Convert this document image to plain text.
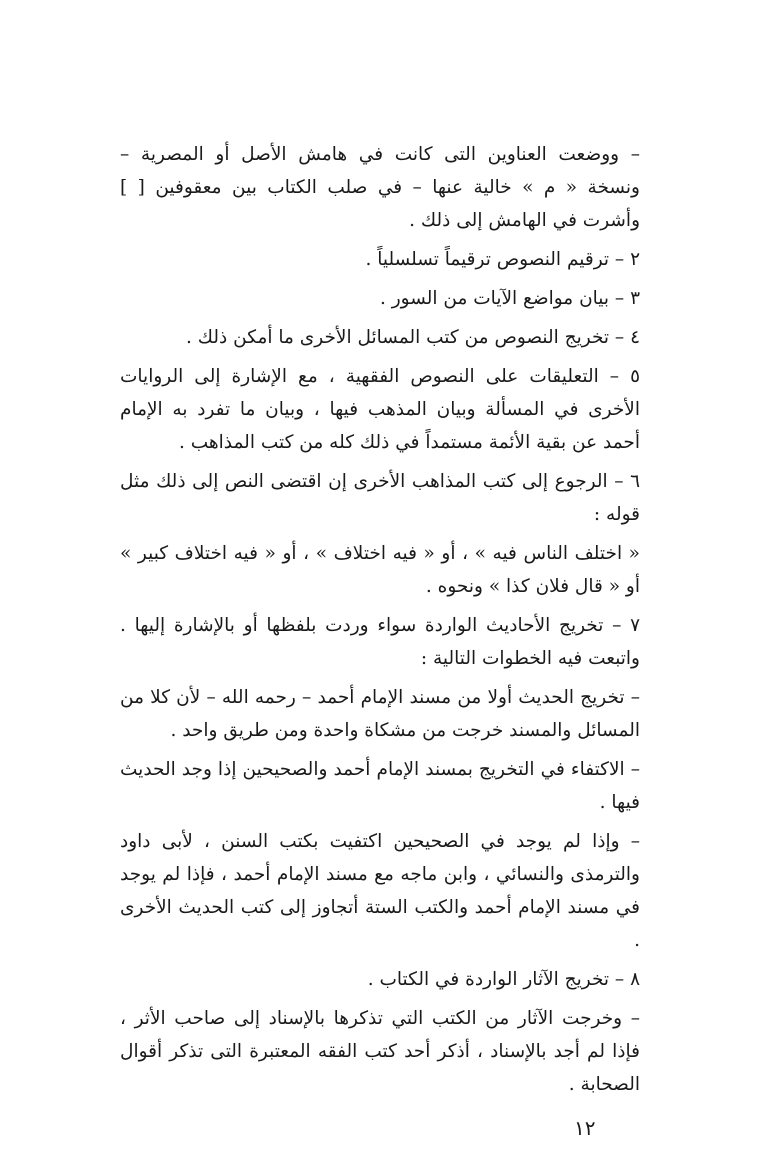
– ووضعت العناوين التى كانت في هامش الأصل أو المصرية – ونسخة « م » خالية عنها – في صلب الكتاب بين معقوفين [ ] وأشرت في الهامش إلى ذلك .

٢ – ترقيم النصوص ترقيماً تسلسلياً .

٣ – بيان مواضع الآيات من السور .

٤ – تخريج النصوص من كتب المسائل الأخرى ما أمكن ذلك .

٥ – التعليقات على النصوص الفقهية ، مع الإشارة إلى الروايات الأخرى في المسألة وبيان المذهب فيها ، وبيان ما تفرد به الإمام أحمد عن بقية الأئمة مستمداً في ذلك كله من كتب المذاهب .

٦ – الرجوع إلى كتب المذاهب الأخرى إن اقتضى النص إلى ذلك مثل قوله :

« اختلف الناس فيه » ، أو « فيه اختلاف » ، أو « فيه اختلاف كبير » أو « قال فلان كذا » ونحوه .

٧ – تخريج الأحاديث الواردة سواء وردت بلفظها أو بالإشارة إليها . واتبعت فيه الخطوات التالية :

– تخريج الحديث أولا من مسند الإمام أحمد – رحمه الله – لأن كلا من المسائل والمسند خرجت من مشكاة واحدة ومن طريق واحد .

– الاكتفاء في التخريج بمسند الإمام أحمد والصحيحين إذا وجد الحديث فيها .

– وإذا لم يوجد في الصحيحين اكتفيت بكتب السنن ، لأبى داود والترمذى والنسائي ، وابن ماجه مع مسند الإمام أحمد ، فإذا لم يوجد في مسند الإمام أحمد والكتب الستة أتجاوز إلى كتب الحديث الأخرى .

٨ – تخريج الآثار الواردة في الكتاب .

– وخرجت الآثار من الكتب التي تذكرها بالإسناد إلى صاحب الأثر ، فإذا لم أجد بالإسناد ، أذكر أحد كتب الفقه المعتبرة التى تذكر أقوال الصحابة .

١٢
